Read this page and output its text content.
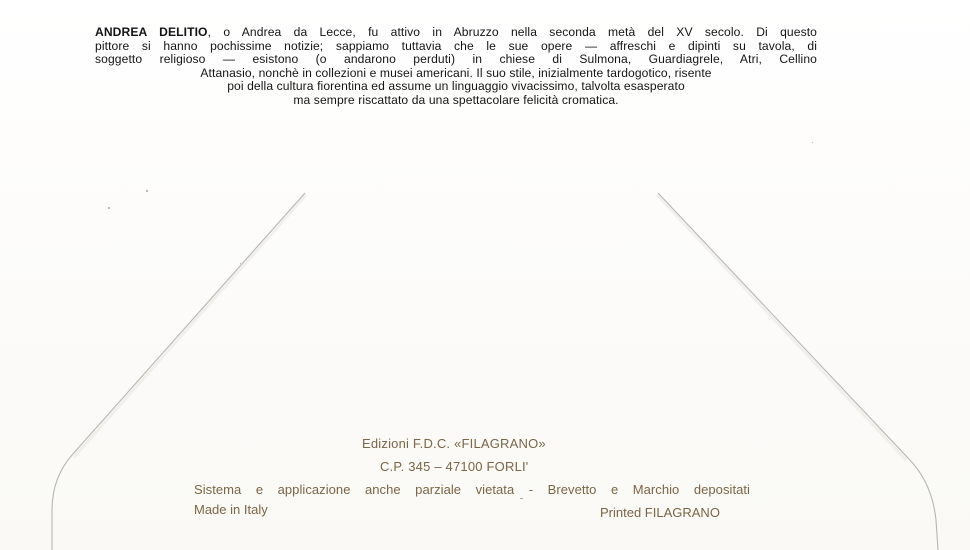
ANDREA DELITIO, o Andrea da Lecce, fu attivo in Abruzzo nella seconda metà del XV secolo. Di questo
pittore si hanno pochissime notizie; sappiamo tuttavia che le sue opere — affreschi e dipinti su tavola, di
soggetto religioso — esistono (o andarono perduti) in chiese di Sulmona, Guardiagrele, Atri, Cellino
Attanasio, nonchè in collezioni e musei americani. Il suo stile, inizialmente tardogotico, risente
poi della cultura fiorentina ed assume un linguaggio vivacissimo, talvolta esasperato
ma sempre riscattato da una spettacolare felicità cromatica.
Edizioni F.D.C. «FILAGRANO»
C.P. 345 – 47100 FORLI'
Sistema e applicazione anche parziale vietata - Brevetto e Marchio depositati
Made in Italy	Printed FILAGRANO
